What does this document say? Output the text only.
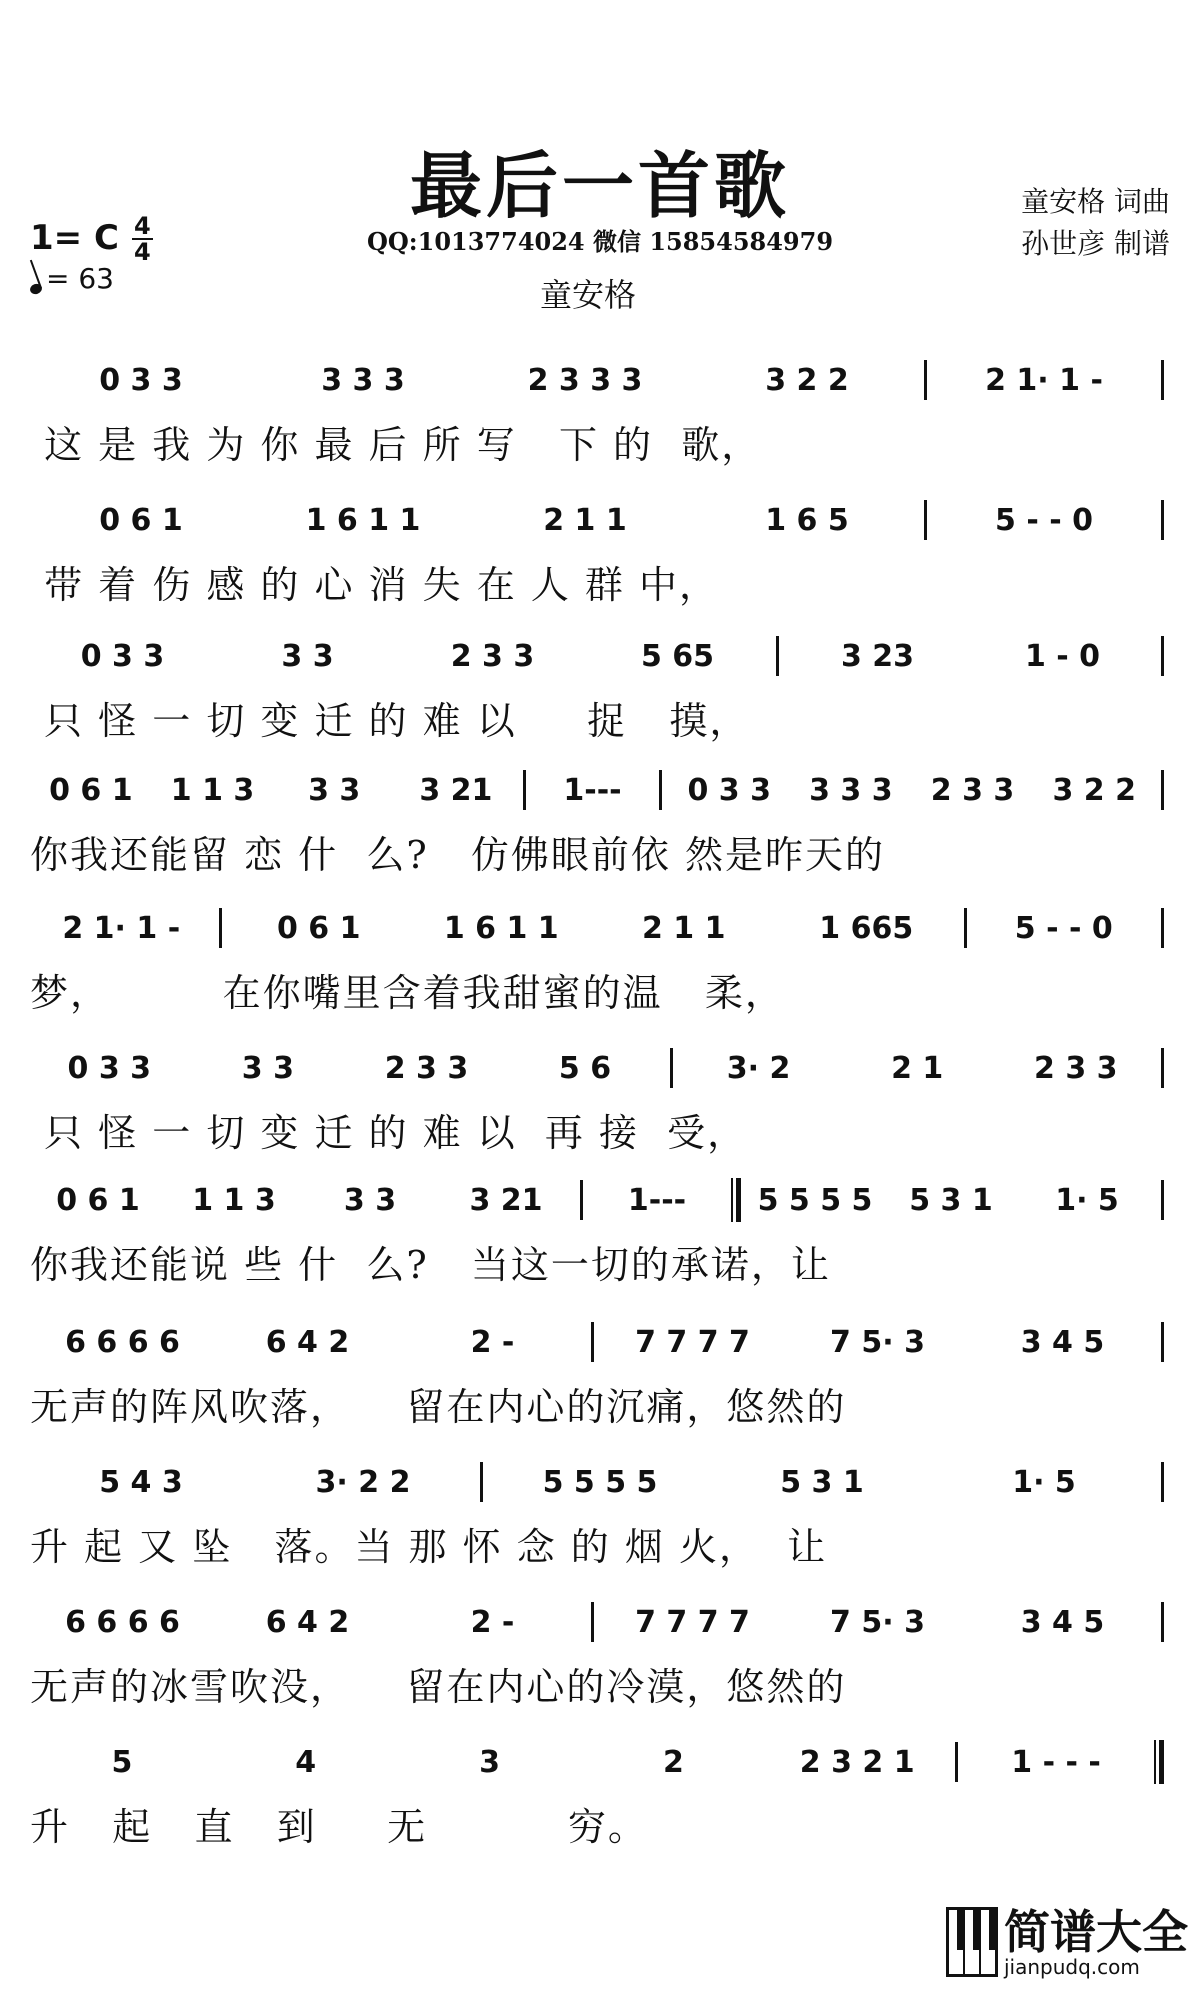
最后一首歌
QQ:1013774024 微信 15854584979
童安格
童安格 词曲
孙世彦 制谱
1= C $\frac{4}{4}$
= 63
0 3 3	3 3 3	2 3 3 3	3 2 2	2 1· 1 -
这 是 我 为 你 最 后 所 写   下 的  歌，
0 6 1	1 6 1 1	2 1 1	1 6 5	5 - - 0
带 着 伤 感 的 心 消 失 在 人 群 中，
0 3 3	3 3	2 3 3	5 65	3 23	1 - 0
只 怪 一 切 变 迁 的 难 以     捉   摸，
0 6 1	1 1 3	3 3	3 21	1---	0 3 3	3 3 3	2 3 3	3 2 2
你我还能留 恋 什  么?   仿佛眼前依 然是昨天的
2 1· 1 -	0 6 1	1 6 1 1	2 1 1	1 665	5 - - 0
梦，        在你嘴里含着我甜蜜的温   柔，
0 3 3	3 3	2 3 3	5 6	3· 2	2 1	2 3 3
只 怪 一 切 变 迁 的 难 以  再 接  受，
0 6 1	1 1 3	3 3	3 21	1---	5 5 5 5	5 3 1	1· 5
你我还能说 些 什  么?   当这一切的承诺，让
6 6 6 6	6 4 2	2 -	7 7 7 7	7 5· 3	3 4 5
无声的阵风吹落，    留在内心的沉痛，悠然的
5 4 3	3· 2 2	5 5 5 5	5 3 1	1· 5
升 起 又 坠   落。当 那 怀 念 的 烟 火，  让
6 6 6 6	6 4 2	2 -	7 7 7 7	7 5· 3	3 4 5
无声的冰雪吹没，    留在内心的冷漠，悠然的
5	4	3	2	2 3 2 1	1 - - -
升   起   直   到     无          穷。
简谱大全
jianpudq.com
